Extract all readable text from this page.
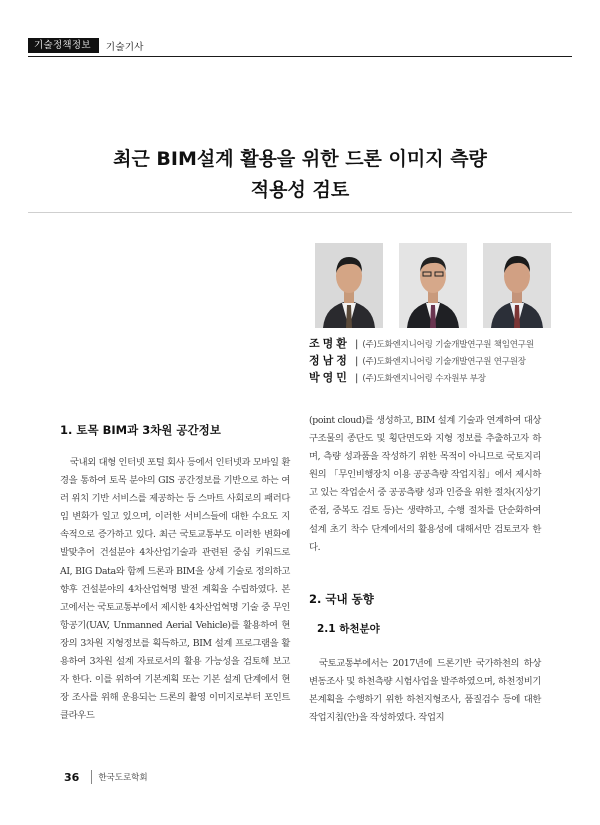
기술정책정보	기술기사
최근 BIM설계 활용을 위한 드론 이미지 측량
적용성 검토
조명환 | (주)도화엔지니어링 기술개발연구원 책임연구원
정남정 | (주)도화엔지니어링 기술개발연구원 연구원장
박영민 | (주)도화엔지니어링 수자원부 부장
1. 토목 BIM과 3차원 공간정보

국내외 대형 인터넷 포털 회사 등에서 인터넷과 모바일 환경을 통하여 토목 분야의 GIS 공간정보를 기반으로 하는 여러 위치 기반 서비스를 제공하는 등 스마트 사회로의 패러다임 변화가 일고 있으며, 이러한 서비스들에 대한 수요도 지속적으로 증가하고 있다. 최근 국토교통부도 이러한 변화에 발맞추어 건설분야 4차산업기술과 관련된 중심 키워드로 AI, BIG Data와 함께 드론과 BIM을 상세 기술로 정의하고 향후 건설분야의 4차산업혁명 발전 계획을 수립하였다. 본고에서는 국토교통부에서 제시한 4차산업혁명 기술 중 무인항공기(UAV, Unmanned Aerial Vehicle)를 활용하여 현장의 3차원 지형정보를 획득하고, BIM 설계 프로그램을 활용하여 3차원 설계 자료로서의 활용 가능성을 검토해 보고자 한다. 이를 위하여 기본계획 또는 기본 설계 단계에서 현장 조사를 위해 운용되는 드론의 촬영 이미지로부터 포인트 클라우드

(point cloud)를 생성하고, BIM 설계 기술과 연계하여 대상 구조물의 종단도 및 횡단면도와 지형 정보를 추출하고자 하며, 측량 성과품을 작성하기 위한 목적이 아니므로 국토지리원의 「무인비행장치 이용 공공측량 작업지침」에서 제시하고 있는 작업순서 중 공공측량 성과 인증을 위한 절차(지상기준점, 중복도 검토 등)는 생략하고, 수행 절차를 단순화하여 설계 초기 착수 단계에서의 활용성에 대해서만 검토코자 한다.

2. 국내 동향
2.1 하천분야

국토교통부에서는 2017년에 드론기반 국가하천의 하상변동조사 및 하천측량 시험사업을 발주하였으며, 하천정비기본계획을 수행하기 위한 하천지형조사, 품질검수 등에 대한 작업지침(안)을 작성하였다. 작업지

36 한국도로학회
